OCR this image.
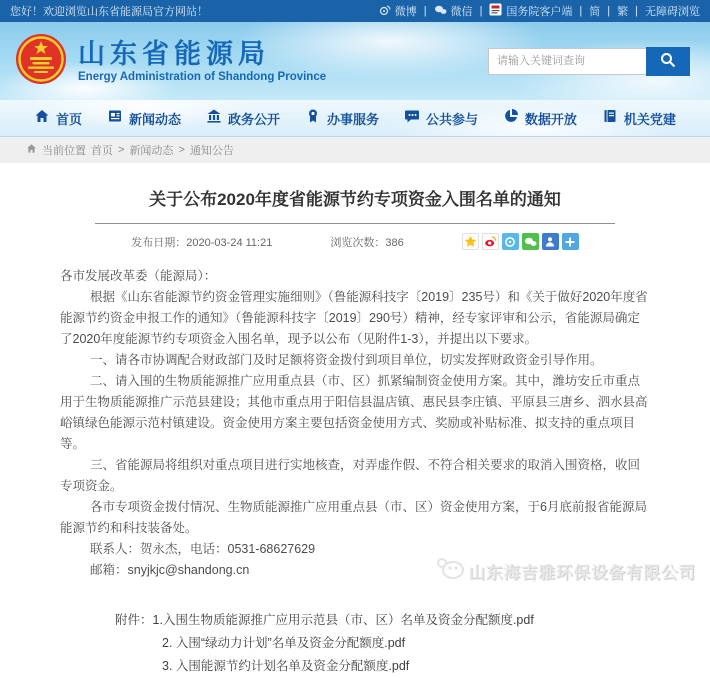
您好！欢迎浏览山东省能源局官方网站！	微博 | 微信 | 国务院客户端 | 简 | 繁 | 无障碍浏览
山东省能源局
Energy Administration of Shandong Province
请输入关键词查询
首页	新闻动态	政务公开	办事服务	公共参与	数据开放	机关党建
当前位置 首页 > 新闻动态 > 通知公告
关于公布2020年度省能源节约专项资金入围名单的通知
发布日期：2020-03-24 11:21	浏览次数：386

各市发展改革委（能源局）：

根据《山东省能源节约资金管理实施细则》（鲁能源科技字〔2019〕235号）和《关于做好2020年度省能源节约资金申报工作的通知》（鲁能源科技字〔2019〕290号）精神，经专家评审和公示，省能源局确定了2020年度能源节约专项资金入围名单，现予以公布（见附件1-3），并提出以下要求。

一、请各市协调配合财政部门及时足额将资金拨付到项目单位，切实发挥财政资金引导作用。

二、请入围的生物质能源推广应用重点县（市、区）抓紧编制资金使用方案。其中，潍坊安丘市重点用于生物质能源推广示范县建设；其他市重点用于阳信县温店镇、惠民县李庄镇、平原县三唐乡、泗水县高峪镇绿色能源示范村镇建设。资金使用方案主要包括资金使用方式、奖励或补贴标准、拟支持的重点项目等。

三、省能源局将组织对重点项目进行实地核查，对弄虚作假、不符合相关要求的取消入围资格，收回专项资金。

各市专项资金拨付情况、生物质能源推广应用重点县（市、区）资金使用方案，于6月底前报省能源局能源节约和科技装备处。

联系人：贺永杰，电话：0531-68627629

邮箱：snyjkjc@shandong.cn

附件：1.入围生物质能源推广应用示范县（市、区）名单及资金分配额度.pdf
2. 入围“绿动力计划”名单及资金分配额度.pdf
3. 入围能源节约计划名单及资金分配额度.pdf
山东海吉雅环保设备有限公司
